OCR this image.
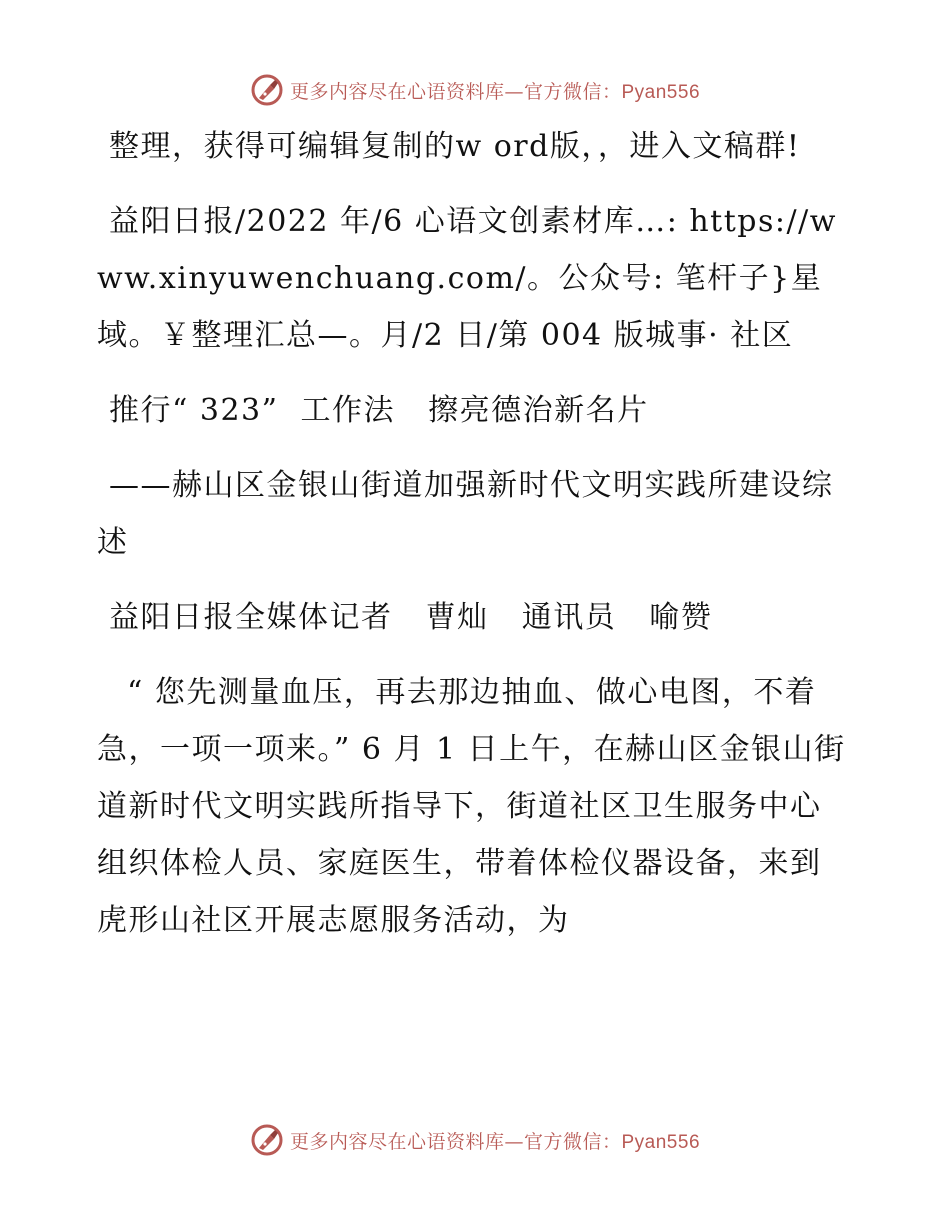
更多内容尽在心语资料库—官方微信：Pyan556

整理，获得可编辑复制的w ord版，，进入文稿群!

益阳日报/2022 年/6 心语文创素材库…: https://www.xinyuwenchuang.com/。公众号: 笔杆子}星域。￥整理汇总—。月/2 日/第 004 版城事· 社区

推行“ 323”  工作法   擦亮德治新名片

——赫山区金银山街道加强新时代文明实践所建设综述

益阳日报全媒体记者   曹灿   通讯员   喻赞

“ 您先测量血压，再去那边抽血、做心电图，不着急，一项一项来。” 6 月 1 日上午，在赫山区金银山街道新时代文明实践所指导下，街道社区卫生服务中心组织体检人员、家庭医生，带着体检仪器设备，来到虎形山社区开展志愿服务活动，为

更多内容尽在心语资料库—官方微信：Pyan556
